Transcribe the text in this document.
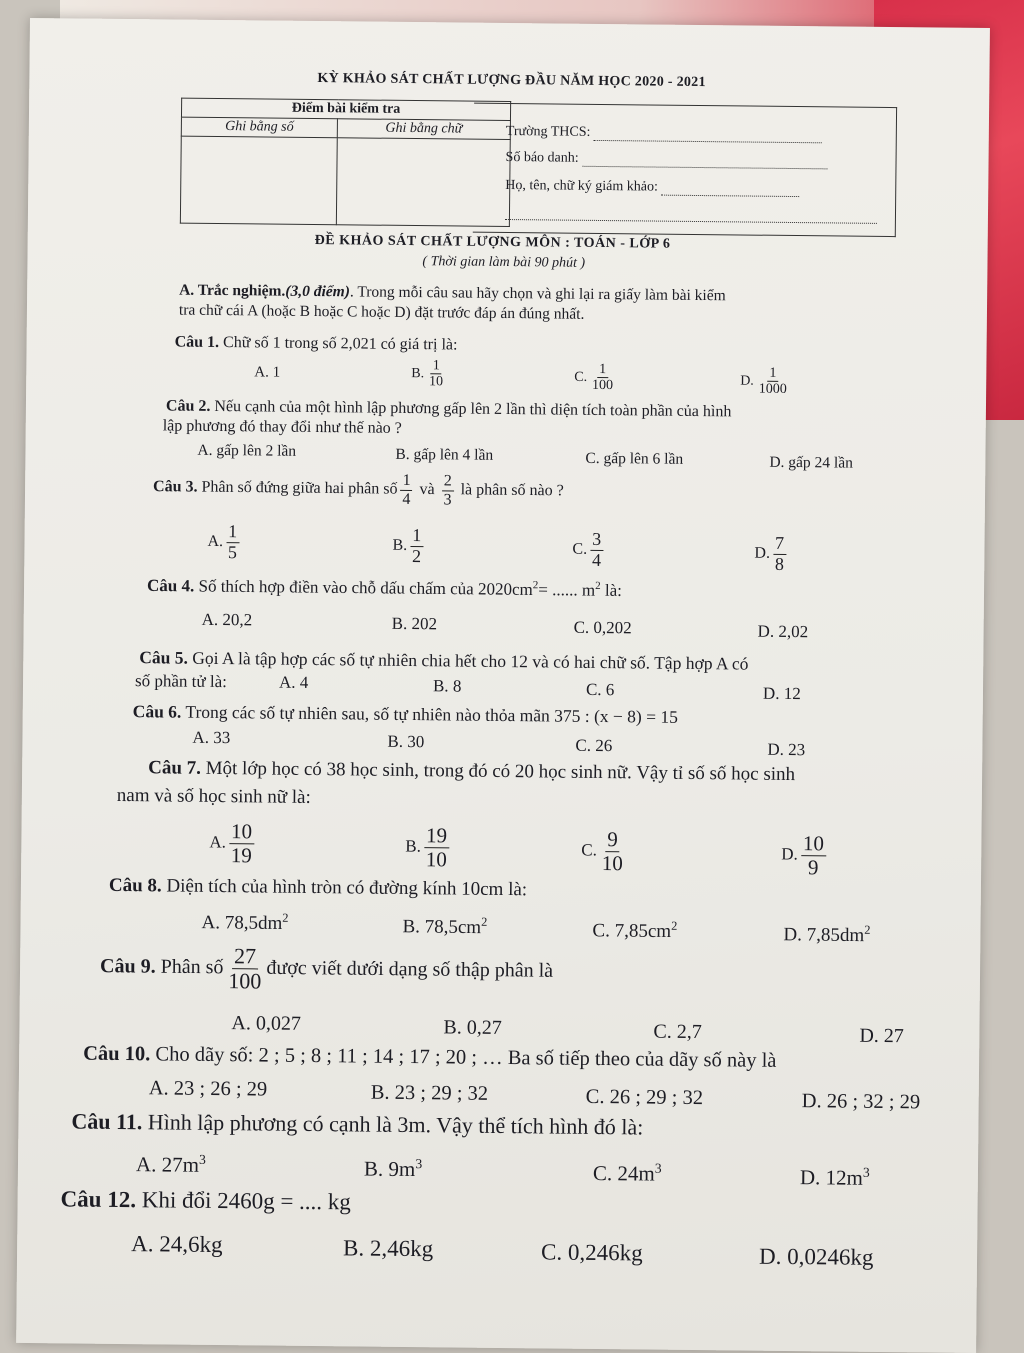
KỲ KHẢO SÁT CHẤT LƯỢNG ĐẦU NĂM HỌC 2020 - 2021
Điểm bài kiểm tra	
Ghi bằng số	Ghi bằng chữ
		Trường THCS:
Số báo danh:
Họ, tên, chữ ký giám khảo:
ĐỀ KHẢO SÁT CHẤT LƯỢNG MÔN : TOÁN - LỚP 6
( Thời gian làm bài 90 phút )
A. Trắc nghiệm.(3,0 điểm). Trong mỗi câu sau hãy chọn và ghi lại ra giấy làm bài kiểm
tra chữ cái A (hoặc B hoặc C hoặc D) đặt trước đáp án đúng nhất.
Câu 1. Chữ số 1 trong số 2,021 có giá trị là:
A. 1	B. $\frac{1}{10}$	C. $\frac{1}{100}$	D. $\frac{1}{1000}$
Câu 2. Nếu cạnh của một hình lập phương gấp lên 2 lần thì diện tích toàn phần của hình
lập phương đó thay đổi như thế nào ?
A. gấp lên 2 lần	B. gấp lên 4 lần	C. gấp lên 6 lần	D. gấp 24 lần
Câu 3. Phân số đứng giữa hai phân số $\frac{1}{4}$ và $\frac{2}{3}$ là phân số nào ?
A. $\frac{1}{5}$	B. $\frac{1}{2}$	C. $\frac{3}{4}$	D. $\frac{7}{8}$
Câu 4. Số thích hợp điền vào chỗ dấu chấm của $2020cm^2=$ ...... $m^2$ là:
A. 20,2	B. 202	C. 0,202	D. 2,02
Câu 5. Gọi A là tập hợp các số tự nhiên chia hết cho 12 và có hai chữ số. Tập hợp A có
số phần tử là:	A. 4	B. 8	C. 6	D. 12
Câu 6. Trong các số tự nhiên sau, số tự nhiên nào thỏa mãn 375 : (x − 8) = 15
A. 33	B. 30	C. 26	D. 23
Câu 7. Một lớp học có 38 học sinh, trong đó có 20 học sinh nữ. Vậy tỉ số số học sinh
nam và số học sinh nữ là:
A. $\frac{10}{19}$	B. $\frac{19}{10}$	C. $\frac{9}{10}$	D. $\frac{10}{9}$
Câu 8. Diện tích của hình tròn có đường kính 10cm là:
A. $78,5dm^2$	B. $78,5cm^2$	C. $7,85cm^2$	D. $7,85dm^2$
Câu 9. Phân số $\frac{27}{100}$ được viết dưới dạng số thập phân là
A. 0,027	B. 0,27	C. 2,7	D. 27
Câu 10. Cho dãy số: 2 ; 5 ; 8 ; 11 ; 14 ; 17 ; 20 ; … Ba số tiếp theo của dãy số này là
A. 23 ; 26 ; 29	B. 23 ; 29 ; 32	C. 26 ; 29 ; 32	D. 26 ; 32 ; 29
Câu 11. Hình lập phương có cạnh là 3m. Vậy thể tích hình đó là:
A. $27m^3$	B. $9m^3$	C. $24m^3$	D. $12m^3$
Câu 12. Khi đổi 2460g = .... kg
A. 24,6kg	B. 2,46kg	C. 0,246kg	D. 0,0246kg
